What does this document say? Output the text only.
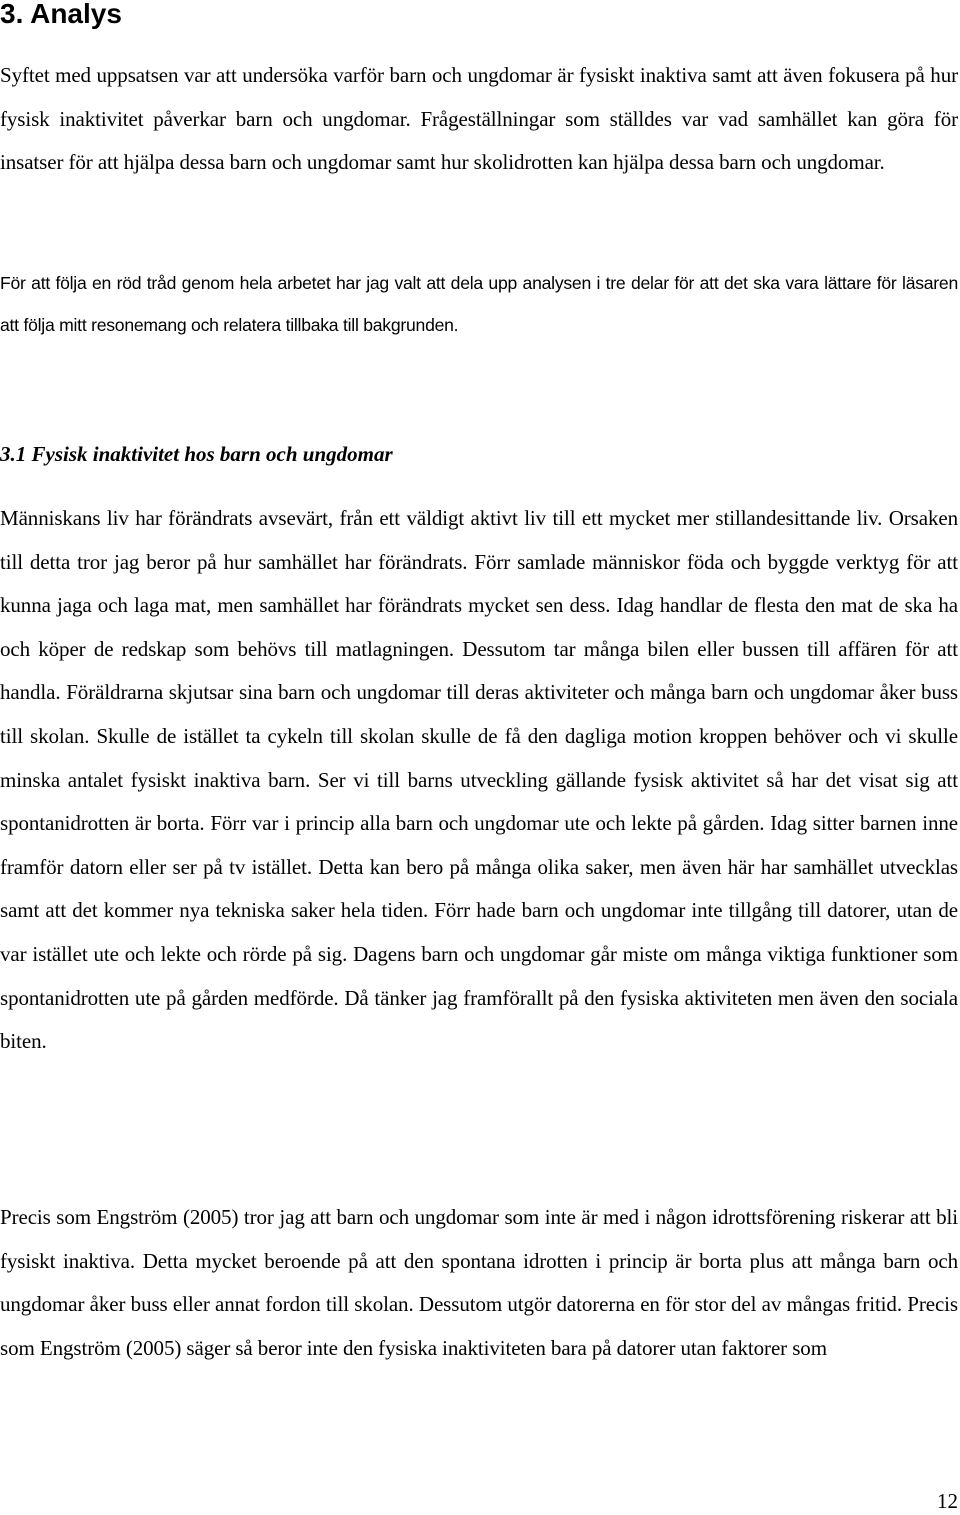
3. Analys

Syftet med uppsatsen var att undersöka varför barn och ungdomar är fysiskt inaktiva samt att även fokusera på hur fysisk inaktivitet påverkar barn och ungdomar. Frågeställningar som ställdes var vad samhället kan göra för insatser för att hjälpa dessa barn och ungdomar samt hur skolidrotten kan hjälpa dessa barn och ungdomar.

För att följa en röd tråd genom hela arbetet har jag valt att dela upp analysen i tre delar för att det ska vara lättare för läsaren att följa mitt resonemang och relatera tillbaka till bakgrunden.

3.1 Fysisk inaktivitet hos barn och ungdomar

Människans liv har förändrats avsevärt, från ett väldigt aktivt liv till ett mycket mer stillandesittande liv. Orsaken till detta tror jag beror på hur samhället har förändrats. Förr samlade människor föda och byggde verktyg för att kunna jaga och laga mat, men samhället har förändrats mycket sen dess. Idag handlar de flesta den mat de ska ha och köper de redskap som behövs till matlagningen. Dessutom tar många bilen eller bussen till affären för att handla. Föräldrarna skjutsar sina barn och ungdomar till deras aktiviteter och många barn och ungdomar åker buss till skolan. Skulle de istället ta cykeln till skolan skulle de få den dagliga motion kroppen behöver och vi skulle minska antalet fysiskt inaktiva barn. Ser vi till barns utveckling gällande fysisk aktivitet så har det visat sig att spontanidrotten är borta. Förr var i princip alla barn och ungdomar ute och lekte på gården. Idag sitter barnen inne framför datorn eller ser på tv istället. Detta kan bero på många olika saker, men även här har samhället utvecklas samt att det kommer nya tekniska saker hela tiden. Förr hade barn och ungdomar inte tillgång till datorer, utan de var istället ute och lekte och rörde på sig. Dagens barn och ungdomar går miste om många viktiga funktioner som spontanidrotten ute på gården medförde. Då tänker jag framförallt på den fysiska aktiviteten men även den sociala biten.

Precis som Engström (2005) tror jag att barn och ungdomar som inte är med i någon idrottsförening riskerar att bli fysiskt inaktiva. Detta mycket beroende på att den spontana idrotten i princip är borta plus att många barn och ungdomar åker buss eller annat fordon till skolan. Dessutom utgör datorerna en för stor del av mångas fritid. Precis som Engström (2005) säger så beror inte den fysiska inaktiviteten bara på datorer utan faktorer som

12
